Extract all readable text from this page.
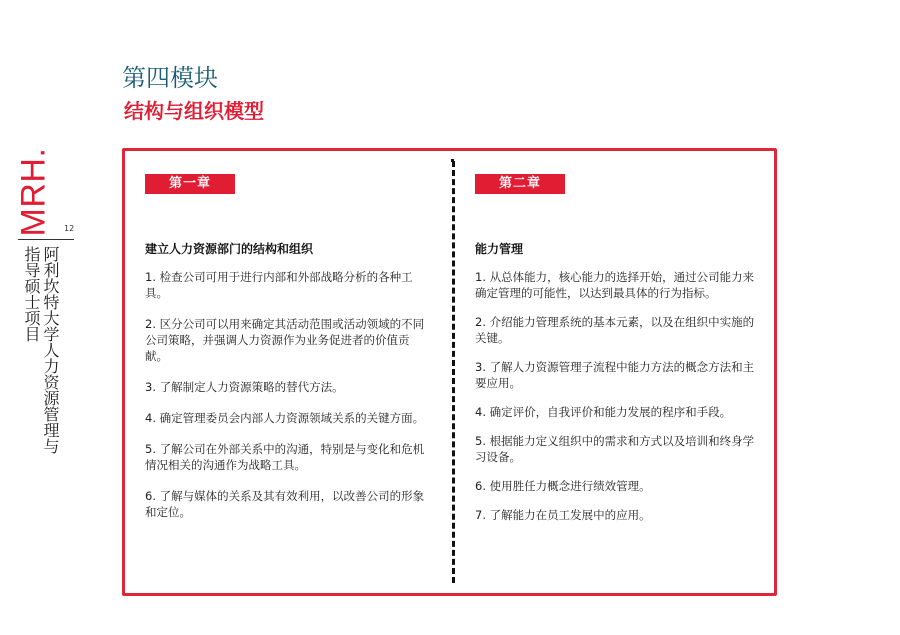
MRH. 12
阿利坎特大学人力资源管理与指导硕士项目
第四模块
结构与组织模型
第一章
建立人力资源部门的结构和组织

1. 检查公司可用于进行内部和外部战略分析的各种工具。

2. 区分公司可以用来确定其活动范围或活动领域的不同公司策略，并强调人力资源作为业务促进者的价值贡献。

3. 了解制定人力资源策略的替代方法。

4. 确定管理委员会内部人力资源领域关系的关键方面。

5. 了解公司在外部关系中的沟通，特别是与变化和危机情况相关的沟通作为战略工具。

6. 了解与媒体的关系及其有效利用，以改善公司的形象和定位。

第二章
能力管理

1. 从总体能力，核心能力的选择开始，通过公司能力来确定管理的可能性，以达到最具体的行为指标。

2. 介绍能力管理系统的基本元素，以及在组织中实施的关键。

3. 了解人力资源管理子流程中能力方法的概念方法和主要应用。

4. 确定评价，自我评价和能力发展的程序和手段。

5. 根据能力定义组织中的需求和方式以及培训和终身学习设备。

6. 使用胜任力概念进行绩效管理。

7. 了解能力在员工发展中的应用。
